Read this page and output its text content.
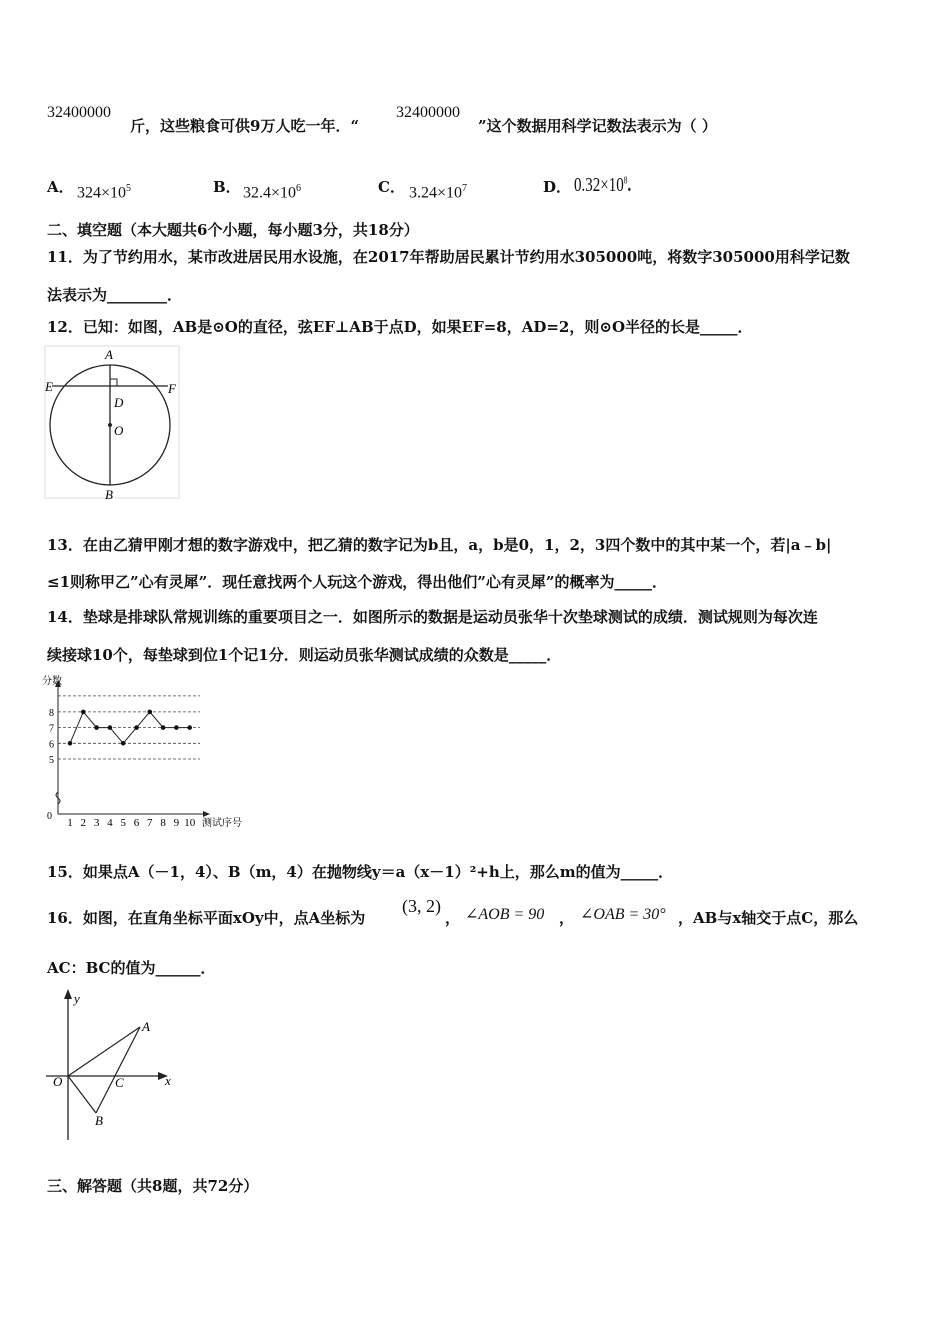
32400000
斤，这些粮食可供9万人吃一年．“
32400000
”这个数据用科学记数法表示为（ ）
A． $324\times 10^5$	B． $32.4\times 10^6$	C． $3.24\times 10^7$	D． $0.32\times 10^8$.
二、填空题（本大题共6个小题，每小题3分，共18分）
11．为了节约用水，某市改进居民用水设施，在2017年帮助居民累计节约用水305000吨，将数字305000用科学记数
法表示为________．
12．已知：如图，AB是⊙O的直径，弦EF⊥AB于点D，如果EF=8，AD=2，则⊙O半径的长是_____．
A
B
E	F
D
O
13．在由乙猜甲刚才想的数字游戏中，把乙猜的数字记为b且，a，b是0，1，2，3四个数中的其中某一个，若|a﹣b|
≤1则称甲乙”心有灵犀”．现任意找两个人玩这个游戏，得出他们”心有灵犀”的概率为_____．
14．垫球是排球队常规训练的重要项目之一．如图所示的数据是运动员张华十次垫球测试的成绩．测试规则为每次连
续接球10个，每垫球到位1个记1分．则运动员张华测试成绩的众数是_____．
5
6
7
8
0
1 2 3 4 5 6 7 8 9 10
分数
测试序号
15．如果点A（－1，4）、B（m，4）在抛物线y＝a（x－1）²+h上，那么m的值为_____．
16．如图，在直角坐标平面xOy中，点A坐标为
(3, 2)
， ∠AOB = 90 ， ∠OAB = 30° ，AB与x轴交于点C，那么
AC：BC的值为______．
y
x
O
A
B
C
三、解答题（共8题，共72分）
